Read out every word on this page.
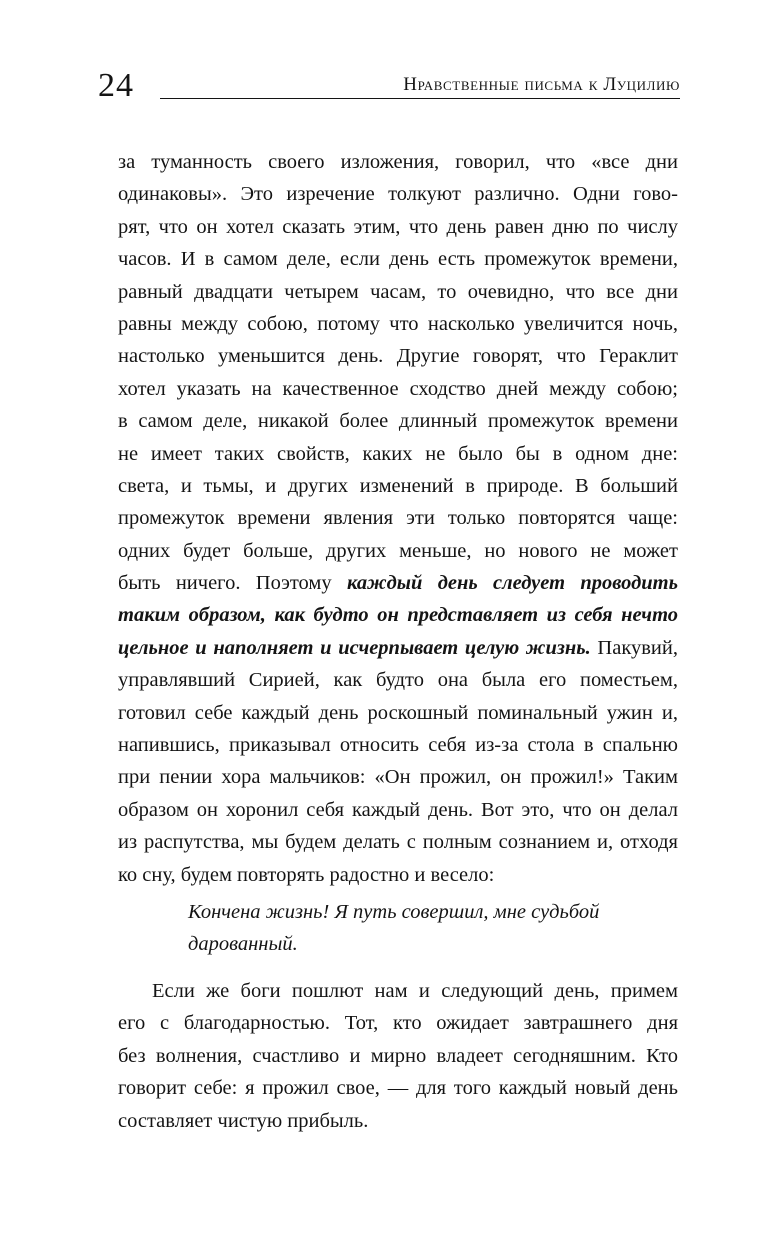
24	Нравственные письма к Луцилию
за туманность своего изложения, говорил, что «все дни
одинаковы». Это изречение толкуют различно. Одни гово-
рят, что он хотел сказать этим, что день равен дню по числу
часов. И в самом деле, если день есть промежуток времени,
равный двадцати четырем часам, то очевидно, что все дни
равны между собою, потому что насколько увеличится ночь,
настолько уменьшится день. Другие говорят, что Гераклит
хотел указать на качественное сходство дней между собою;
в самом деле, никакой более длинный промежуток времени
не имеет таких свойств, каких не было бы в одном дне:
света, и тьмы, и других изменений в природе. В больший
промежуток времени явления эти только повторятся чаще:
одних будет больше, других меньше, но нового не может
быть ничего. Поэтому каждый день следует проводить
таким образом, как будто он представляет из себя нечто
цельное и наполняет и исчерпывает целую жизнь. Пакувий,
управлявший Сирией, как будто она была его поместьем,
готовил себе каждый день роскошный поминальный ужин и,
напившись, приказывал относить себя из-за стола в спальню
при пении хора мальчиков: «Он прожил, он прожил!» Таким
образом он хоронил себя каждый день. Вот это, что он делал
из распутства, мы будем делать с полным сознанием и, отходя
ко сну, будем повторять радостно и весело:
Кончена жизнь! Я путь совершил, мне судьбой
дарованный.
Если же боги пошлют нам и следующий день, примем
его с благодарностью. Тот, кто ожидает завтрашнего дня
без волнения, счастливо и мирно владеет сегодняшним. Кто
говорит себе: я прожил свое, — для того каждый новый день
составляет чистую прибыль.
